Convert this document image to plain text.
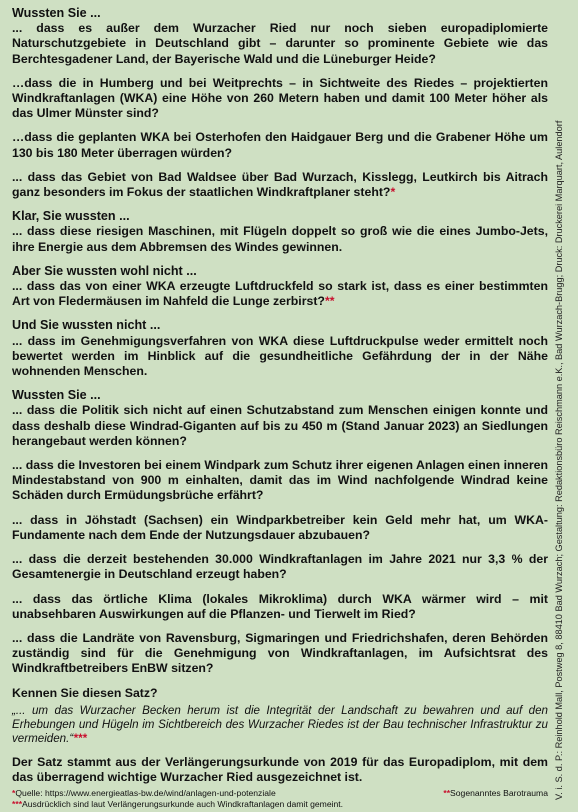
Wussten Sie ...

... dass es außer dem Wurzacher Ried nur noch sieben europadiplomierte Naturschutzgebiete in Deutschland gibt – darunter so prominente Gebiete wie das Berchtesgadener Land, der Bayerische Wald und die Lüneburger Heide?

…dass die in Humberg und bei Weitprechts – in Sichtweite des Riedes – projektierten Windkraftanlagen (WKA) eine Höhe von 260 Metern haben und damit 100 Meter höher als das Ulmer Münster sind?

…dass die geplanten WKA bei Osterhofen den Haidgauer Berg und die Grabener Höhe um 130 bis 180 Meter überragen würden?

... dass das Gebiet von Bad Waldsee über Bad Wurzach, Kisslegg, Leutkirch bis Aitrach ganz besonders im Fokus der staatlichen Windkraftplaner steht?*

Klar, Sie wussten ...

... dass diese riesigen Maschinen, mit Flügeln doppelt so groß wie die eines Jumbo-Jets, ihre Energie aus dem Abbremsen des Windes gewinnen.

Aber Sie wussten wohl nicht ...

... dass das von einer WKA erzeugte Luftdruckfeld so stark ist, dass es einer bestimmten Art von Fledermäusen im Nahfeld die Lunge zerbirst?**

Und Sie wussten nicht ...

... dass im Genehmigungsverfahren von WKA diese Luftdruckpulse weder ermittelt noch bewertet werden im Hinblick auf die gesundheitliche Gefährdung der in der Nähe wohnenden Menschen.

Wussten Sie ...

... dass die Politik sich nicht auf einen Schutzabstand zum Menschen einigen konnte und dass deshalb diese Windrad-Giganten auf bis zu 450 m (Stand Januar 2023) an Siedlungen herangebaut werden können?

... dass die Investoren bei einem Windpark zum Schutz ihrer eigenen Anlagen einen inneren Mindestabstand von 900 m einhalten, damit das im Wind nachfolgende Windrad keine Schäden durch Ermüdungsbrüche erfährt?

... dass in Jöhstadt (Sachsen) ein Windparkbetreiber kein Geld mehr hat, um WKA-Fundamente nach dem Ende der Nutzungsdauer abzubauen?

... dass die derzeit bestehenden 30.000 Windkraftanlagen im Jahre 2021 nur 3,3 % der Gesamtenergie in Deutschland erzeugt haben?

... dass das örtliche Klima (lokales Mikroklima) durch WKA wärmer wird – mit unabsehbaren Auswirkungen auf die Pflanzen- und Tierwelt im Ried?

... dass die Landräte von Ravensburg, Sigmaringen und Friedrichshafen, deren Behörden zuständig sind für die Genehmigung von Windkraftanlagen, im Aufsichtsrat des Windkraftbetreibers EnBW sitzen?

Kennen Sie diesen Satz?

„... um das Wurzacher Becken herum ist die Integrität der Landschaft zu bewahren und auf den Erhebungen und Hügeln im Sichtbereich des Wurzacher Riedes ist der Bau technischer Infrastruktur zu vermeiden.“***

Der Satz stammt aus der Verlängerungsurkunde von 2019 für das Europadiplom, mit dem das überragend wichtige Wurzacher Ried ausgezeichnet ist.

*Quelle: https://www.energieatlas-bw.de/wind/anlagen-und-potenziale	**Sogenanntes Barotrauma

***Ausdrücklich sind laut Verlängerungsurkunde auch Windkraftanlagen damit gemeint.

V. i. S. d. P.: Reinhold Mall, Postweg 8, 88410 Bad Wurzach; Gestaltung: Redaktionsbüro Reischmann e.K., Bad Wurzach-Brugg; Druck: Druckerei Marquart, Aulendorf
